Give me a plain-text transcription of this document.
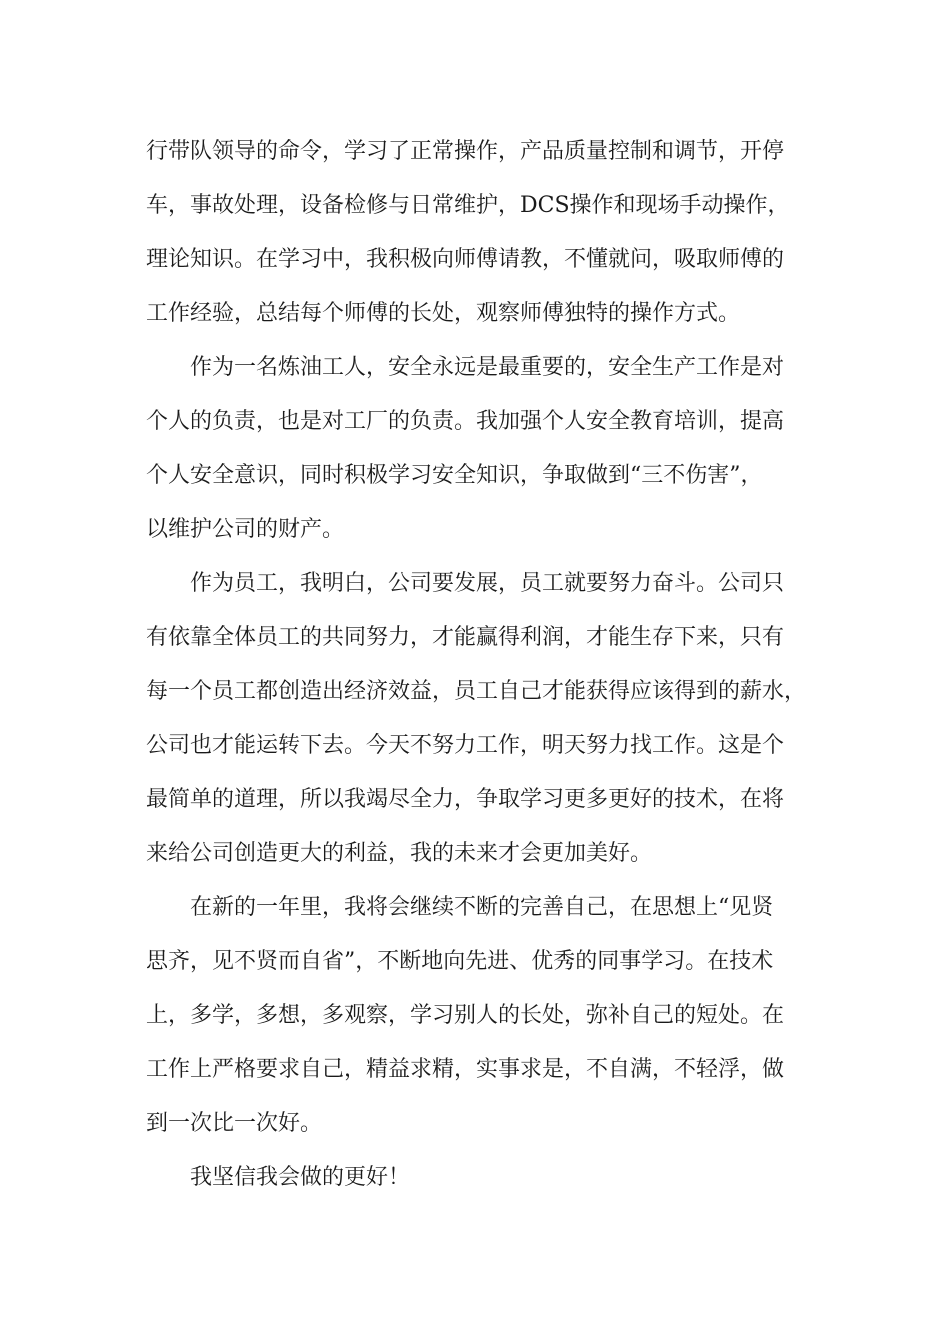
行带队领导的命令，学习了正常操作，产品质量控制和调节，开停
车，事故处理，设备检修与日常维护，DCS操作和现场手动操作，
理论知识。在学习中，我积极向师傅请教，不懂就问，吸取师傅的
工作经验，总结每个师傅的长处，观察师傅独特的操作方式。

作为一名炼油工人，安全永远是最重要的，安全生产工作是对
个人的负责，也是对工厂的负责。我加强个人安全教育培训，提高
个人安全意识，同时积极学习安全知识，争取做到“三不伤害”，
以维护公司的财产。

作为员工，我明白，公司要发展，员工就要努力奋斗。公司只
有依靠全体员工的共同努力，才能赢得利润，才能生存下来，只有
每一个员工都创造出经济效益，员工自己才能获得应该得到的薪水，
公司也才能运转下去。今天不努力工作，明天努力找工作。这是个
最简单的道理，所以我竭尽全力，争取学习更多更好的技术，在将
来给公司创造更大的利益，我的未来才会更加美好。

在新的一年里，我将会继续不断的完善自己，在思想上“见贤
思齐，见不贤而自省”，不断地向先进、优秀的同事学习。在技术
上，多学，多想，多观察，学习别人的长处，弥补自己的短处。在
工作上严格要求自己，精益求精，实事求是，不自满，不轻浮，做
到一次比一次好。

我坚信我会做的更好！
